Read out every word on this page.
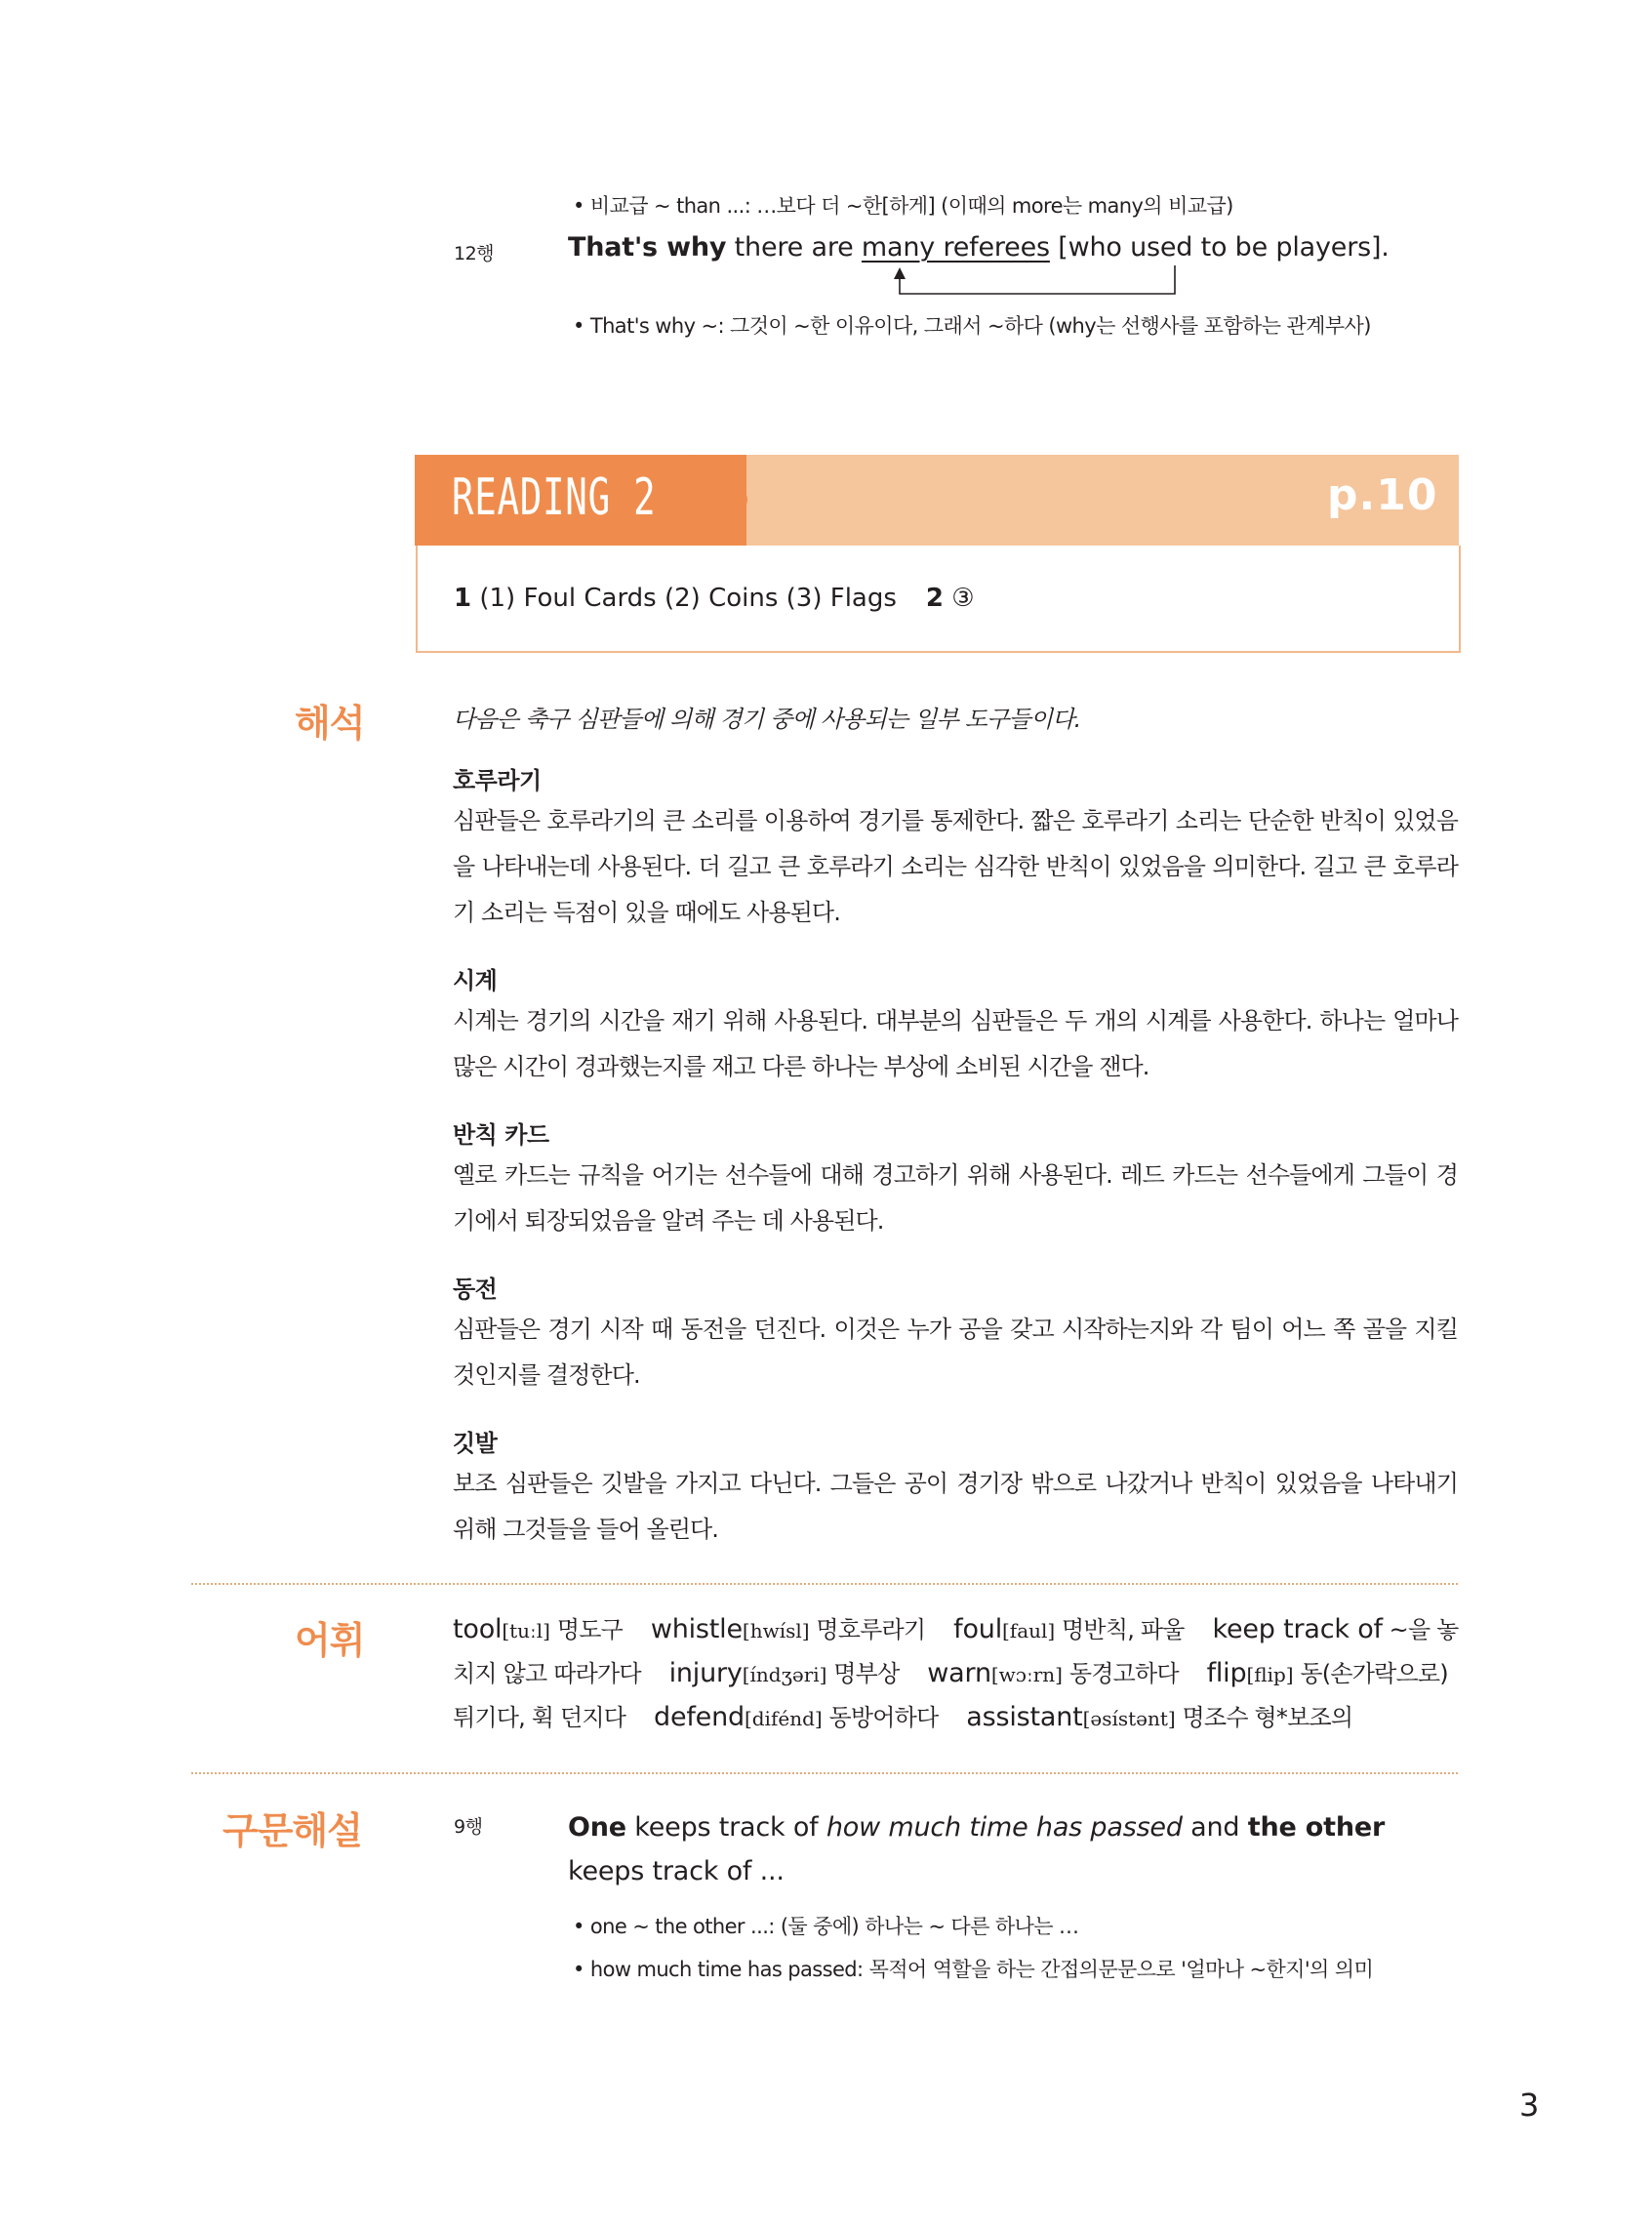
• 비교급 ~ than ...: …보다 더 ~한[하게] (이때의 more는 many의 비교급)
12행	That's why there are many referees [who used to be players].
• That's why ~: 그것이 ~한 이유이다, 그래서 ~하다 (why는 선행사를 포함하는 관계부사)
READING 2	p.10
1 (1) Foul Cards (2) Coins (3) Flags 2 ③
해석	다음은 축구 심판들에 의해 경기 중에 사용되는 일부 도구들이다.
호루라기
심판들은 호루라기의 큰 소리를 이용하여 경기를 통제한다. 짧은 호루라기 소리는 단순한 반칙이 있었음을 나타내는데 사용된다. 더 길고 큰 호루라기 소리는 심각한 반칙이 있었음을 의미한다. 길고 큰 호루라기 소리는 득점이 있을 때에도 사용된다.
시계
시계는 경기의 시간을 재기 위해 사용된다. 대부분의 심판들은 두 개의 시계를 사용한다. 하나는 얼마나 많은 시간이 경과했는지를 재고 다른 하나는 부상에 소비된 시간을 잰다.
반칙 카드
옐로 카드는 규칙을 어기는 선수들에 대해 경고하기 위해 사용된다. 레드 카드는 선수들에게 그들이 경기에서 퇴장되었음을 알려 주는 데 사용된다.
동전
심판들은 경기 시작 때 동전을 던진다. 이것은 누가 공을 갖고 시작하는지와 각 팀이 어느 쪽 골을 지킬 것인지를 결정한다.
깃발
보조 심판들은 깃발을 가지고 다닌다. 그들은 공이 경기장 밖으로 나갔거나 반칙이 있었음을 나타내기 위해 그것들을 들어 올린다.
어휘	tool[tuːl] 명도구 whistle[hwísl] 명호루라기 foul[faul] 명반칙, 파울 keep track of ~을 놓치지 않고 따라가다 injury[índʒəri] 명부상 warn[wɔːrn] 동경고하다 flip[flip] 동(손가락으로) 튀기다, 휙 던지다 defend[difénd] 동방어하다 assistant[əsístənt] 명조수 형*보조의
구문해설	9행	One keeps track of how much time has passed and the other keeps track of ...
• one ~ the other ...: (둘 중에) 하나는 ~ 다른 하나는 …
• how much time has passed: 목적어 역할을 하는 간접의문문으로 '얼마나 ~한지'의 의미
3
